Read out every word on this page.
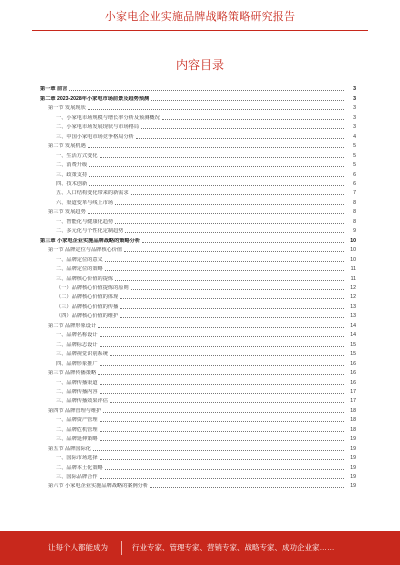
小家电企业实施品牌战略策略研究报告
内容目录
第一章 前言	3
第二章 2023-2028年小家电市场前景及趋势预测	3
第一节 发展现状	3
一、小家电市场规模与增长率分析及预测概况	3
二、小家电市场发展现状与市场格局	3
三、中国小家电市场竞争格局分析	4
第二节 发展机遇	5
一、生活方式变化	5
二、消费升级	5
三、政策支持	6
四、技术创新	6
五、人口结构变化带来的新需求	7
六、渠道变革与线上市场	8
第三节 发展趋势	8
一、智能化与健康化趋势	8
二、多元化与个性化定制趋势	9
第三章 小家电企业实施品牌战略的策略分析	10
第一节 品牌定位与品牌核心价值	10
一、品牌定位的意义	10
二、品牌定位的策略	11
三、品牌核心价值的提炼	11
（一）品牌核心价值提炼的原则	12
（二）品牌核心价值的体现	12
（三）品牌核心价值的传播	13
（四）品牌核心价值的维护	13
第二节 品牌形象设计	14
一、品牌名称设计	14
二、品牌标志设计	15
三、品牌视觉识别系统	15
四、品牌形象推广	16
第三节 品牌传播策略	16
一、品牌传播渠道	16
二、品牌传播内容	17
三、品牌传播效果评估	17
第四节 品牌管理与维护	18
一、品牌资产管理	18
二、品牌危机管理	18
三、品牌延伸策略	19
第五节 品牌国际化	19
一、国际市场选择	19
二、品牌本土化策略	19
三、国际品牌合作	19
第六节 小家电企业实施品牌战略的案例分析	19
让每个人都能成为	行业专家、管理专家、营销专家、战略专家、成功企业家……
